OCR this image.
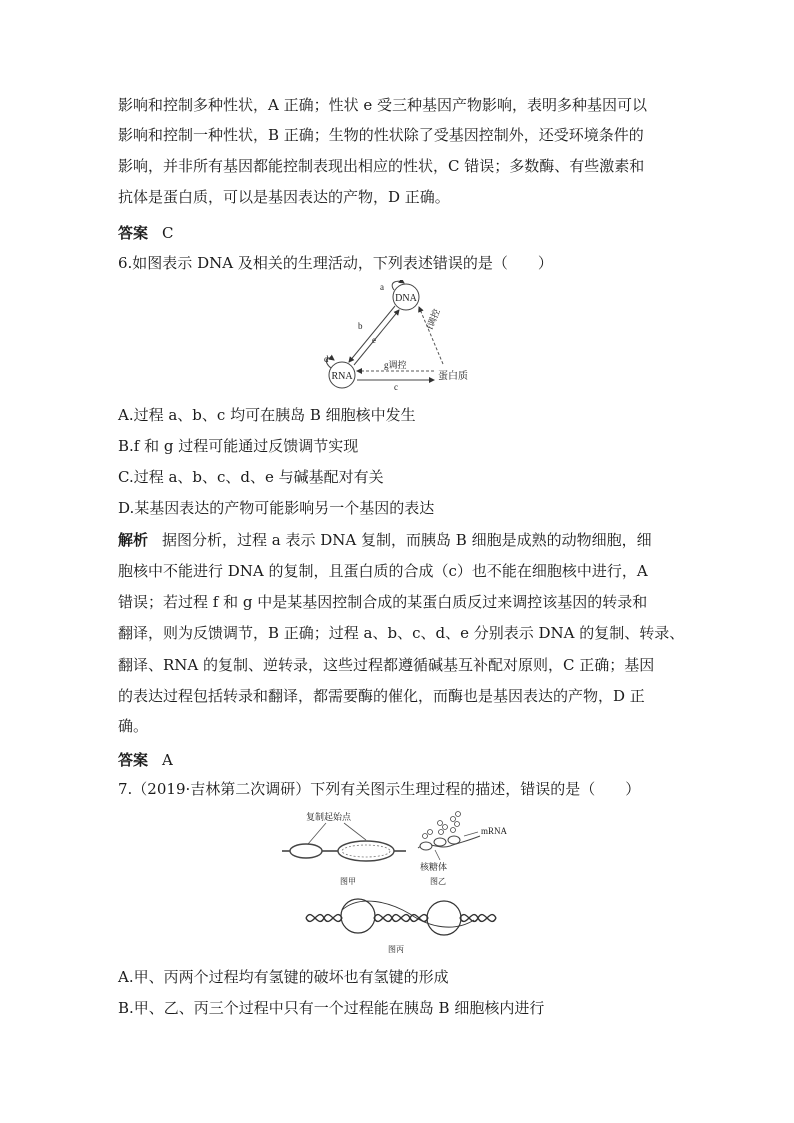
影响和控制多种性状，A 正确；性状 e 受三种基因产物影响，表明多种基因可以
影响和控制一种性状，B 正确；生物的性状除了受基因控制外，还受环境条件的
影响，并非所有基因都能控制表现出相应的性状，C 错误；多数酶、有些激素和
抗体是蛋白质，可以是基因表达的产物，D 正确。
答案 C
6.如图表示 DNA 及相关的生理活动，下列表述错误的是（　　）
DNA
a
RNA
d
b
e
f调控
蛋白质
g调控
c
A.过程 a、b、c 均可在胰岛 B 细胞核中发生
B.f 和 g 过程可能通过反馈调节实现
C.过程 a、b、c、d、e 与碱基配对有关
D.某基因表达的产物可能影响另一个基因的表达
解析 据图分析，过程 a 表示 DNA 复制，而胰岛 B 细胞是成熟的动物细胞，细
胞核中不能进行 DNA 的复制，且蛋白质的合成（c）也不能在细胞核中进行，A
错误；若过程 f 和 g 中是某基因控制合成的某蛋白质反过来调控该基因的转录和
翻译，则为反馈调节，B 正确；过程 a、b、c、d、e 分别表示 DNA 的复制、转录、
翻译、RNA 的复制、逆转录，这些过程都遵循碱基互补配对原则，C 正确；基因
的表达过程包括转录和翻译，都需要酶的催化，而酶也是基因表达的产物，D 正
确。
答案 A
7.（2019·吉林第二次调研）下列有关图示生理过程的描述，错误的是（　　）
复制起始点
图甲
mRNA
核糖体
图乙
图丙
A.甲、丙两个过程均有氢键的破坏也有氢键的形成
B.甲、乙、丙三个过程中只有一个过程能在胰岛 B 细胞核内进行
